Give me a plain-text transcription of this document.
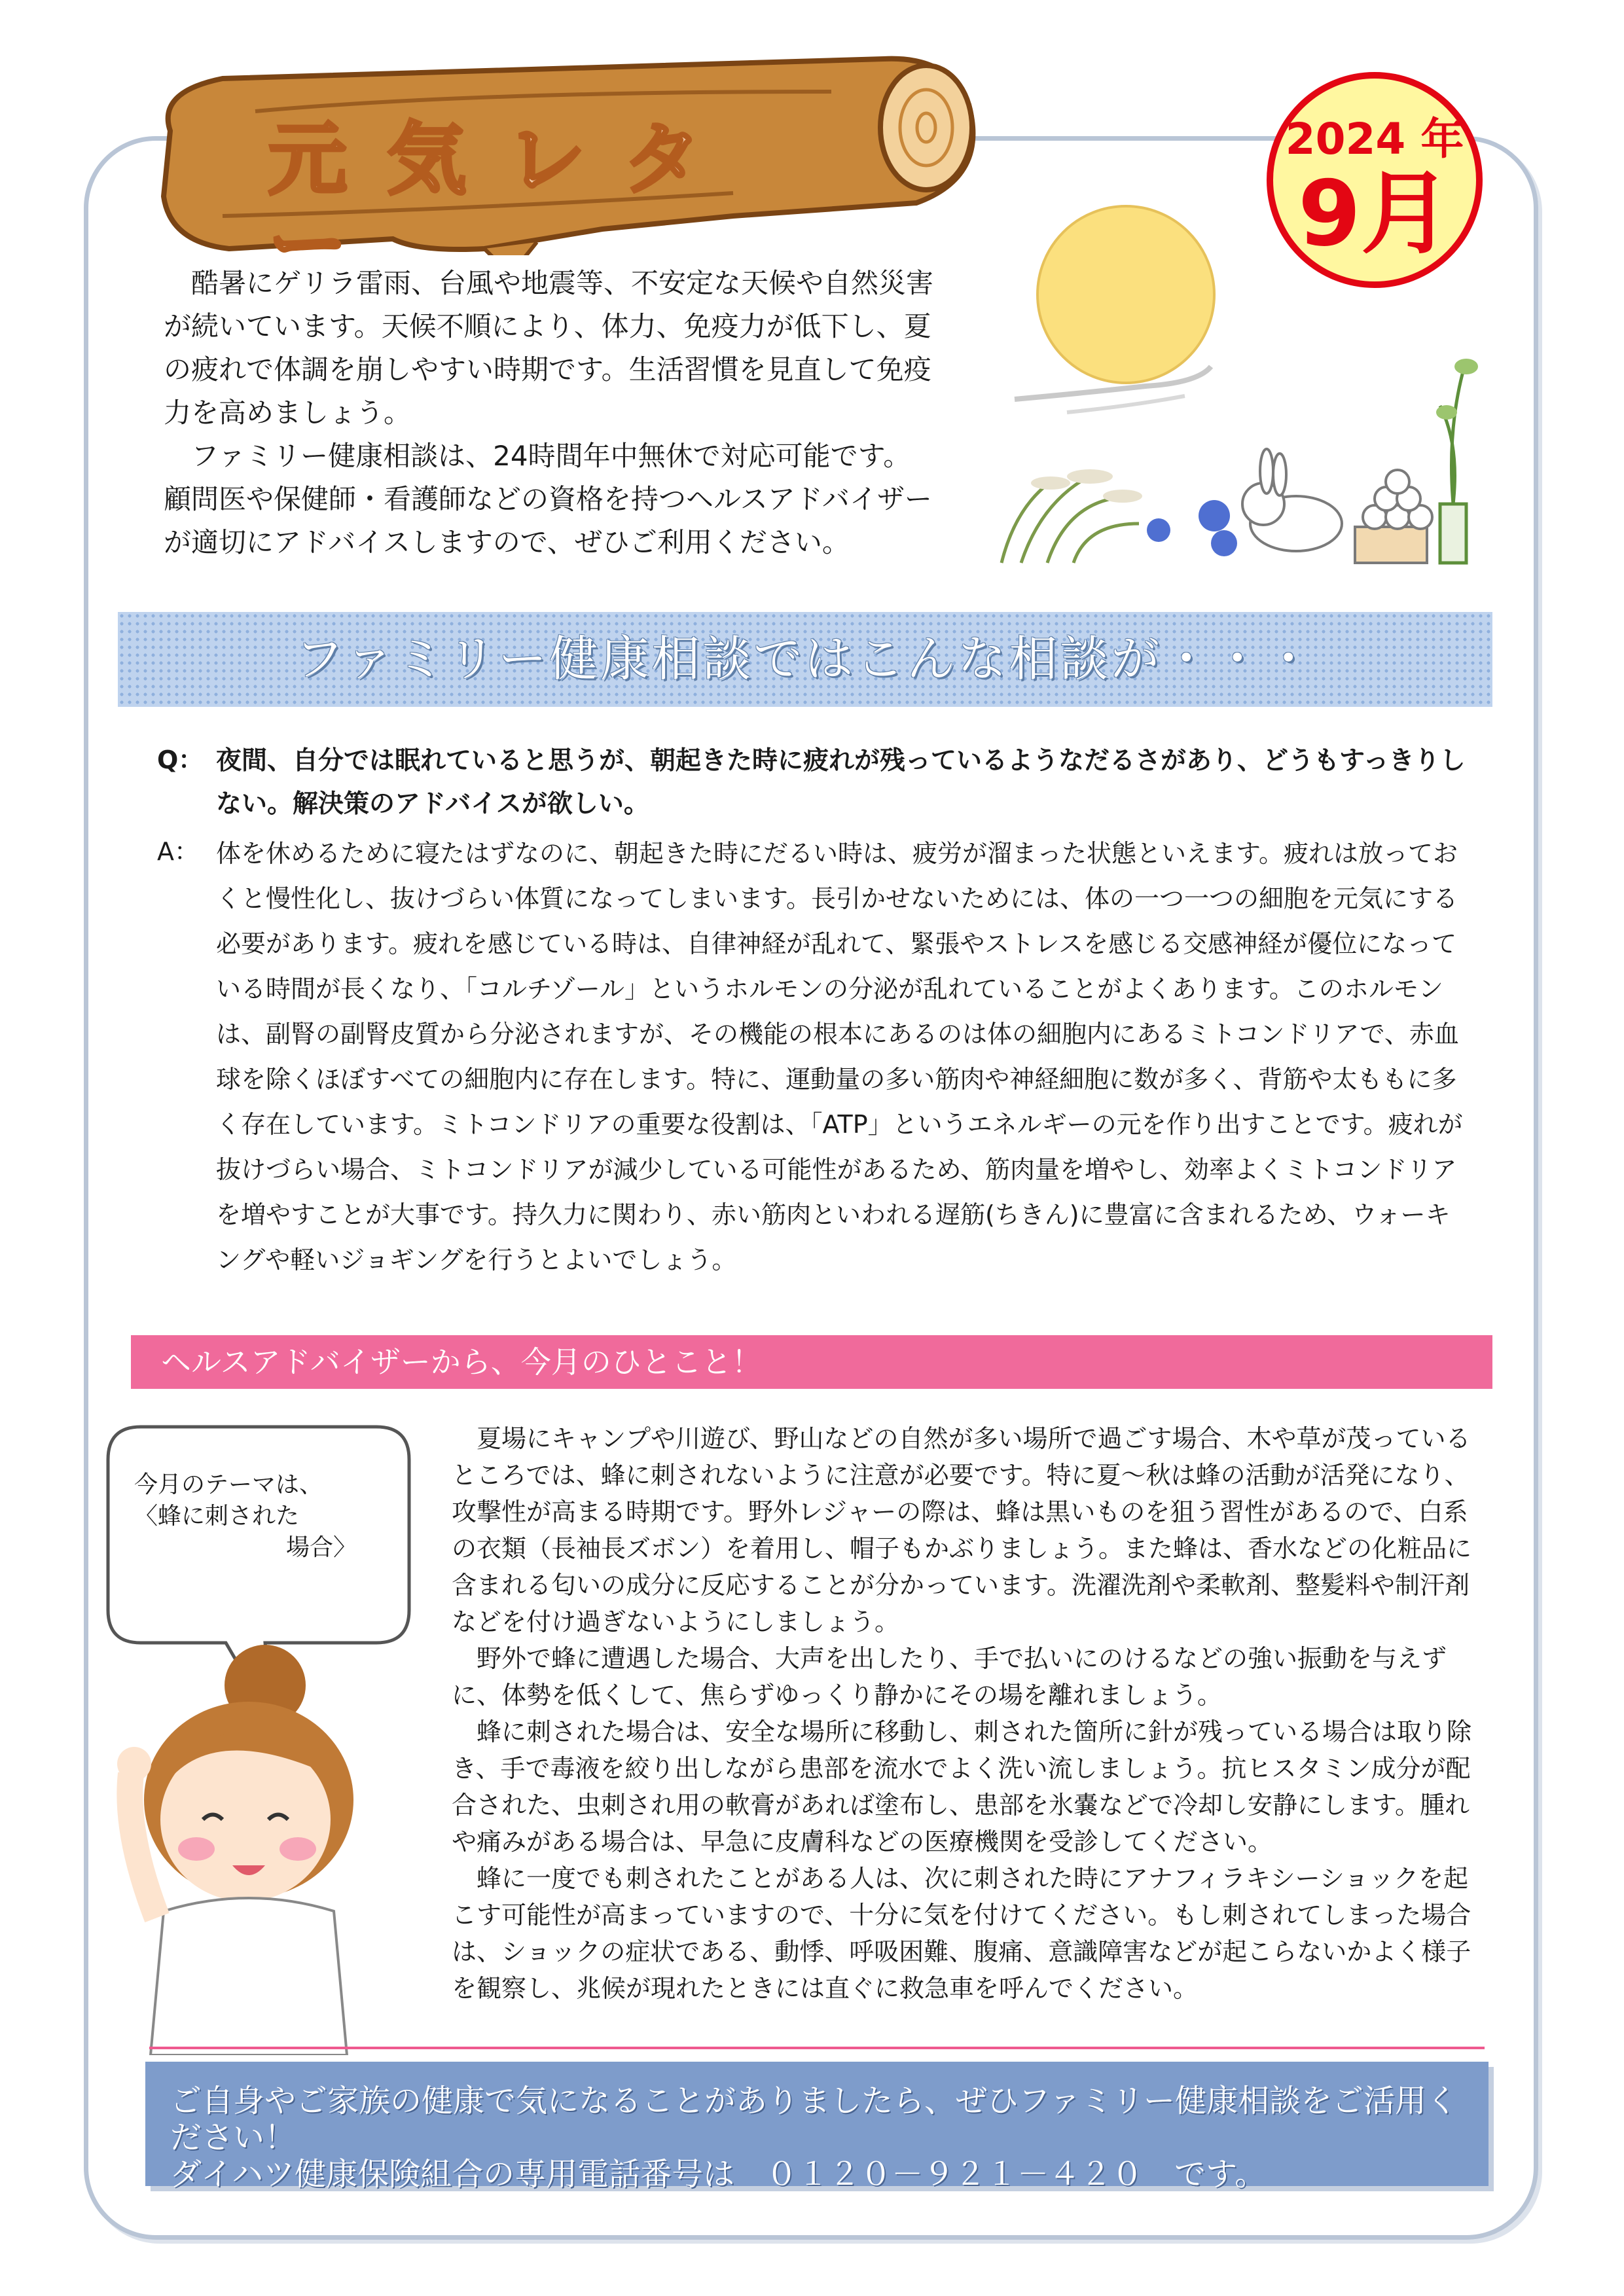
元気レター
2024 年
9月

酷暑にゲリラ雷雨、台風や地震等、不安定な天候や自然災害が続いています。天候不順により、体力、免疫力が低下し、夏の疲れで体調を崩しやすい時期です。生活習慣を見直して免疫力を高めましょう。

ファミリー健康相談は、24時間年中無休で対応可能です。顧問医や保健師・看護師などの資格を持つヘルスアドバイザーが適切にアドバイスしますので、ぜひご利用ください。

ファミリー健康相談ではこんな相談が・・・
Q： 夜間、自分では眠れていると思うが、朝起きた時に疲れが残っているようなだるさがあり、どうもすっきりしない。解決策のアドバイスが欲しい。
A： 体を休めるために寝たはずなのに、朝起きた時にだるい時は、疲労が溜まった状態といえます。疲れは放っておくと慢性化し、抜けづらい体質になってしまいます。長引かせないためには、体の一つ一つの細胞を元気にする必要があります。疲れを感じている時は、自律神経が乱れて、緊張やストレスを感じる交感神経が優位になっている時間が長くなり、「コルチゾール」というホルモンの分泌が乱れていることがよくあります。このホルモンは、副腎の副腎皮質から分泌されますが、その機能の根本にあるのは体の細胞内にあるミトコンドリアで、赤血球を除くほぼすべての細胞内に存在します。特に、運動量の多い筋肉や神経細胞に数が多く、背筋や太ももに多く存在しています。ミトコンドリアの重要な役割は、「ATP」というエネルギーの元を作り出すことです。疲れが抜けづらい場合、ミトコンドリアが減少している可能性があるため、筋肉量を増やし、効率よくミトコンドリアを増やすことが大事です。持久力に関わり、赤い筋肉といわれる遅筋(ちきん)に豊富に含まれるため、ウォーキングや軽いジョギングを行うとよいでしょう。
ヘルスアドバイザーから、今月のひとこと！
今月のテーマは、
〈蜂に刺された
場合〉

夏場にキャンプや川遊び、野山などの自然が多い場所で過ごす場合、木や草が茂っているところでは、蜂に刺されないように注意が必要です。特に夏～秋は蜂の活動が活発になり、攻撃性が高まる時期です。野外レジャーの際は、蜂は黒いものを狙う習性があるので、白系の衣類（長袖長ズボン）を着用し、帽子もかぶりましょう。また蜂は、香水などの化粧品に含まれる匂いの成分に反応することが分かっています。洗濯洗剤や柔軟剤、整髪料や制汗剤などを付け過ぎないようにしましょう。

野外で蜂に遭遇した場合、大声を出したり、手で払いにのけるなどの強い振動を与えずに、体勢を低くして、焦らずゆっくり静かにその場を離れましょう。

蜂に刺された場合は、安全な場所に移動し、刺された箇所に針が残っている場合は取り除き、手で毒液を絞り出しながら患部を流水でよく洗い流しましょう。抗ヒスタミン成分が配合された、虫刺され用の軟膏があれば塗布し、患部を氷嚢などで冷却し安静にします。腫れや痛みがある場合は、早急に皮膚科などの医療機関を受診してください。

蜂に一度でも刺されたことがある人は、次に刺された時にアナフィラキシーショックを起こす可能性が高まっていますので、十分に気を付けてください。もし刺されてしまった場合は、ショックの症状である、動悸、呼吸困難、腹痛、意識障害などが起こらないかよく様子を観察し、兆候が現れたときには直ぐに救急車を呼んでください。

ご自身やご家族の健康で気になることがありましたら、ぜひファミリー健康相談をご活用ください！
ダイハツ健康保険組合の専用電話番号は　０１２０－９２１－４２０　です。
